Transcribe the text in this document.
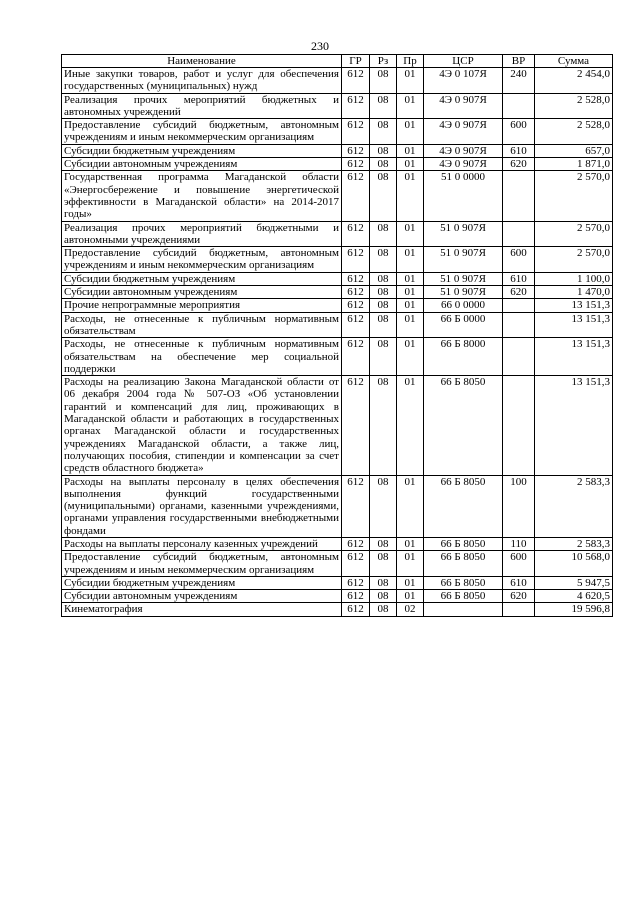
230
Наименование	ГР	Рз	Пр	ЦСР	ВР	Сумма
Иные закупки товаров, работ и услуг для обеспечения государственных (муниципальных) нужд	612	08	01	4Э 0 107Я	240	2 454,0
Реализация прочих мероприятий бюджетных и автономных учреждений	612	08	01	4Э 0 907Я		2 528,0
Предоставление субсидий бюджетным, автономным учреждениям и иным некоммерческим организациям	612	08	01	4Э 0 907Я	600	2 528,0
Субсидии бюджетным учреждениям	612	08	01	4Э 0 907Я	610	657,0
Субсидии автономным учреждениям	612	08	01	4Э 0 907Я	620	1 871,0
Государственная программа Магаданской области «Энергосбережение и повышение энергетической эффективности в Магаданской области» на 2014-2017 годы»	612	08	01	51 0 0000		2 570,0
Реализация прочих мероприятий бюджетными и автономными учреждениями	612	08	01	51 0 907Я		2 570,0
Предоставление субсидий бюджетным, автономным учреждениям и иным некоммерческим организациям	612	08	01	51 0 907Я	600	2 570,0
Субсидии бюджетным учреждениям	612	08	01	51 0 907Я	610	1 100,0
Субсидии автономным учреждениям	612	08	01	51 0 907Я	620	1 470,0
Прочие непрограммные мероприятия	612	08	01	66 0 0000		13 151,3
Расходы, не отнесенные к публичным нормативным обязательствам	612	08	01	66 Б 0000		13 151,3
Расходы, не отнесенные к публичным нормативным обязательствам на обеспечение мер социальной поддержки	612	08	01	66 Б 8000		13 151,3
Расходы на реализацию Закона Магаданской области от 06 декабря 2004 года № 507-ОЗ «Об установлении гарантий и компенсаций для лиц, проживающих в Магаданской области и работающих в государственных органах Магаданской области и государственных учреждениях Магаданской области, а также лиц, получающих пособия, стипендии и компенсации за счет средств областного бюджета»	612	08	01	66 Б 8050		13 151,3
Расходы на выплаты персоналу в целях обеспечения выполнения функций государственными (муниципальными) органами, казенными учреждениями, органами управления государственными внебюджетными фондами	612	08	01	66 Б 8050	100	2 583,3
Расходы на выплаты персоналу казенных учреждений	612	08	01	66 Б 8050	110	2 583,3
Предоставление субсидий бюджетным, автономным учреждениям и иным некоммерческим организациям	612	08	01	66 Б 8050	600	10 568,0
Субсидии бюджетным учреждениям	612	08	01	66 Б 8050	610	5 947,5
Субсидии автономным учреждениям	612	08	01	66 Б 8050	620	4 620,5
Кинематография	612	08	02			19 596,8
